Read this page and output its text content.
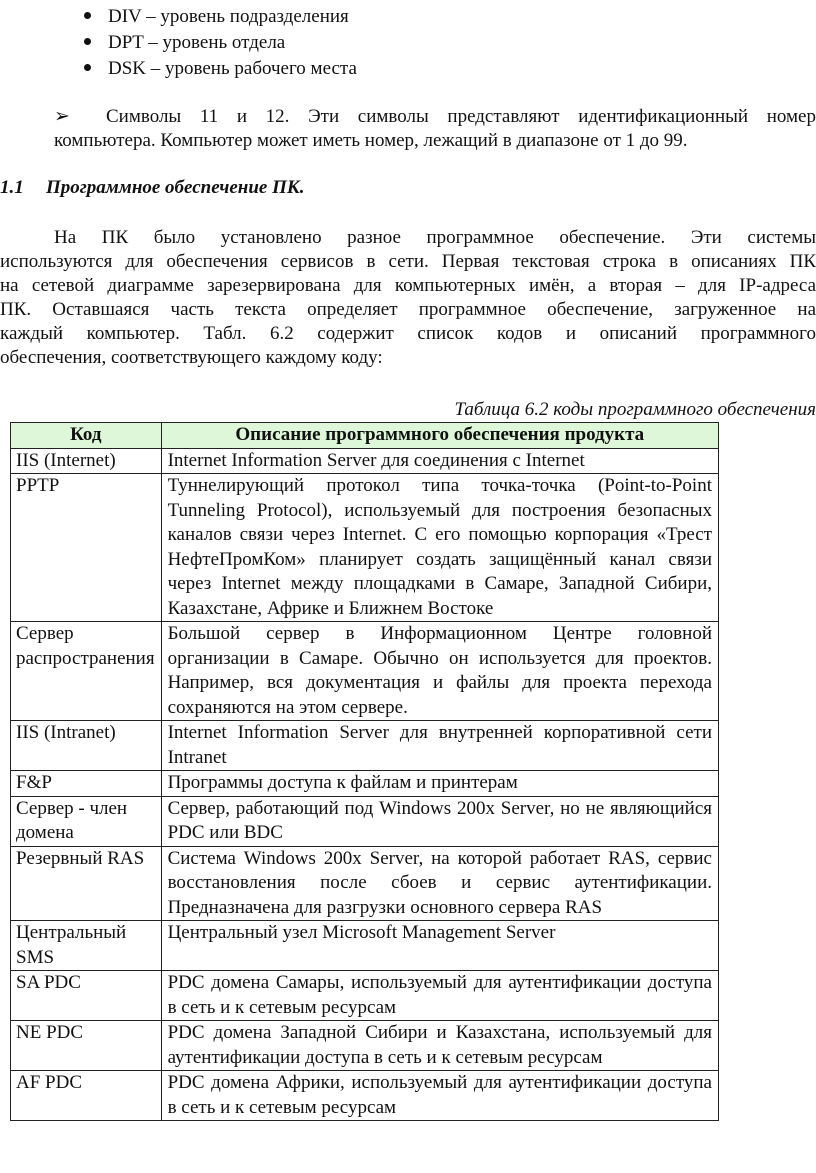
DIV – уровень подразделения
DPT – уровень отдела
DSK – уровень рабочего места
➢ Символы 11 и 12. Эти символы представляют идентификационный номер
компьютера. Компьютер может иметь номер, лежащий в диапазоне от 1 до 99.
1.1 Программное обеспечение ПК.
На ПК было установлено разное программное обеспечение. Эти системы
используются для обеспечения сервисов в сети. Первая текстовая строка в описаниях ПК
на сетевой диаграмме зарезервирована для компьютерных имён, а вторая – для IP-адреса
ПК. Оставшаяся часть текста определяет программное обеспечение, загруженное на
каждый компьютер. Табл. 6.2 содержит список кодов и описаний программного
обеспечения, соответствующего каждому коду:
Таблица 6.2 коды программного обеспечения
Код	Описание программного обеспечения продукта
IIS (Internet)	Internet Information Server для соединения с Internet
PPTP	Туннелирующий протокол типа точка-точка (Point-to-Point Tunneling Protocol), используемый для построения безопасных каналов связи через Internet. С его помощью корпорация «Трест НефтеПромКом» планирует создать защищённый канал связи через Internet между площадками в Самаре, Западной Сибири, Казахстане, Африке и Ближнем Востоке
Сервер распространения	Большой сервер в Информационном Центре головной организации в Самаре. Обычно он используется для проектов. Например, вся документация и файлы для проекта перехода сохраняются на этом сервере.
IIS (Intranet)	Internet Information Server для внутренней корпоративной сети Intranet
F&P	Программы доступа к файлам и принтерам
Сервер - член домена	Сервер, работающий под Windows 200x Server, но не являющийся PDC или BDC
Резервный RAS	Система Windows 200x Server, на которой работает RAS, сервис восстановления после сбоев и сервис аутентификации. Предназначена для разгрузки основного сервера RAS
Центральный SMS	Центральный узел Microsoft Management Server
SA PDC	PDC домена Самары, используемый для аутентификации доступа в сеть и к сетевым ресурсам
NE PDC	PDC домена Западной Сибири и Казахстана, используемый для аутентификации доступа в сеть и к сетевым ресурсам
AF PDC	PDC домена Африки, используемый для аутентификации доступа в сеть и к сетевым ресурсам
